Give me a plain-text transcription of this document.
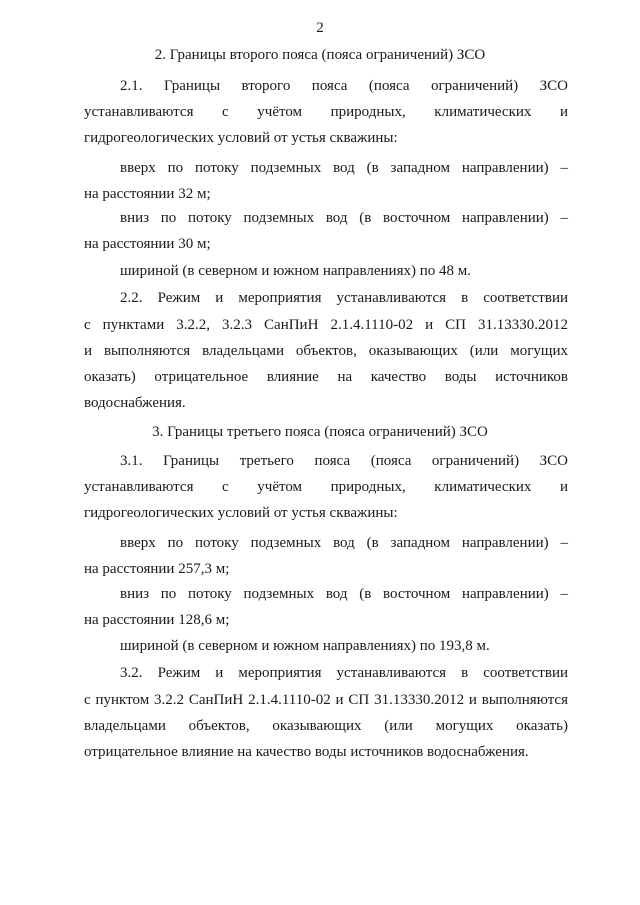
2
2. Границы второго пояса (пояса ограничений) ЗСО
2.1. Границы второго пояса (пояса ограничений) ЗСО
устанавливаются с учётом природных, климатических и
гидрогеологических условий от устья скважины:
вверх по потоку подземных вод (в западном направлении) –
на расстоянии 32 м;
вниз по потоку подземных вод (в восточном направлении) –
на расстоянии 30 м;
шириной (в северном и южном направлениях) по 48 м.
2.2. Режим и мероприятия устанавливаются в соответствии
с пунктами 3.2.2, 3.2.3 СанПиН 2.1.4.1110-02 и СП 31.13330.2012
и выполняются владельцами объектов, оказывающих (или могущих
оказать) отрицательное влияние на качество воды источников
водоснабжения.
3. Границы третьего пояса (пояса ограничений) ЗСО
3.1. Границы третьего пояса (пояса ограничений) ЗСО
устанавливаются с учётом природных, климатических и
гидрогеологических условий от устья скважины:
вверх по потоку подземных вод (в западном направлении) –
на расстоянии 257,3 м;
вниз по потоку подземных вод (в восточном направлении) –
на расстоянии 128,6 м;
шириной (в северном и южном направлениях) по 193,8 м.
3.2. Режим и мероприятия устанавливаются в соответствии
с пунктом 3.2.2 СанПиН 2.1.4.1110-02 и СП 31.13330.2012 и выполняются
владельцами объектов, оказывающих (или могущих оказать)
отрицательное влияние на качество воды источников водоснабжения.
